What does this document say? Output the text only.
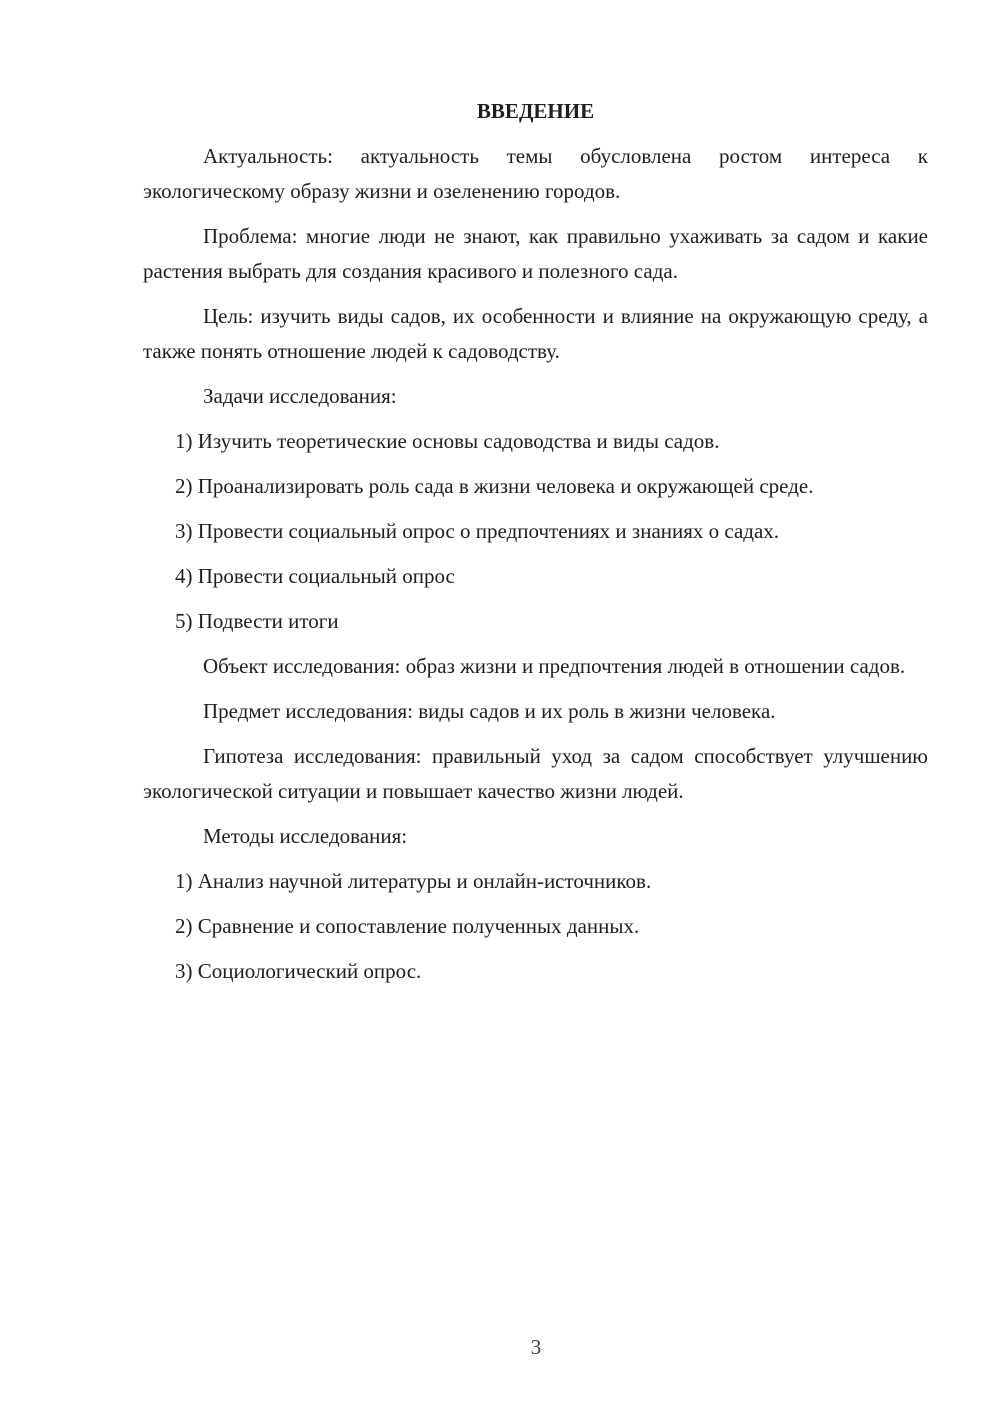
ВВЕДЕНИЕ

Актуальность: актуальность темы обусловлена ростом интереса к экологическому образу жизни и озеленению городов.

Проблема: многие люди не знают, как правильно ухаживать за садом и какие растения выбрать для создания красивого и полезного сада.

Цель: изучить виды садов, их особенности и влияние на окружающую среду, а также понять отношение людей к садоводству.

Задачи исследования:

1) Изучить теоретические основы садоводства и виды садов.

2) Проанализировать роль сада в жизни человека и окружающей среде.

3) Провести социальный опрос о предпочтениях и знаниях о садах.

4) Провести социальный опрос

5) Подвести итоги

Объект исследования: образ жизни и предпочтения людей в отношении садов.

Предмет исследования: виды садов и их роль в жизни человека.

Гипотеза исследования: правильный уход за садом способствует улучшению экологической ситуации и повышает качество жизни людей.

Методы исследования:

1) Анализ научной литературы и онлайн-источников.

2) Сравнение и сопоставление полученных данных.

3) Социологический опрос.

3
